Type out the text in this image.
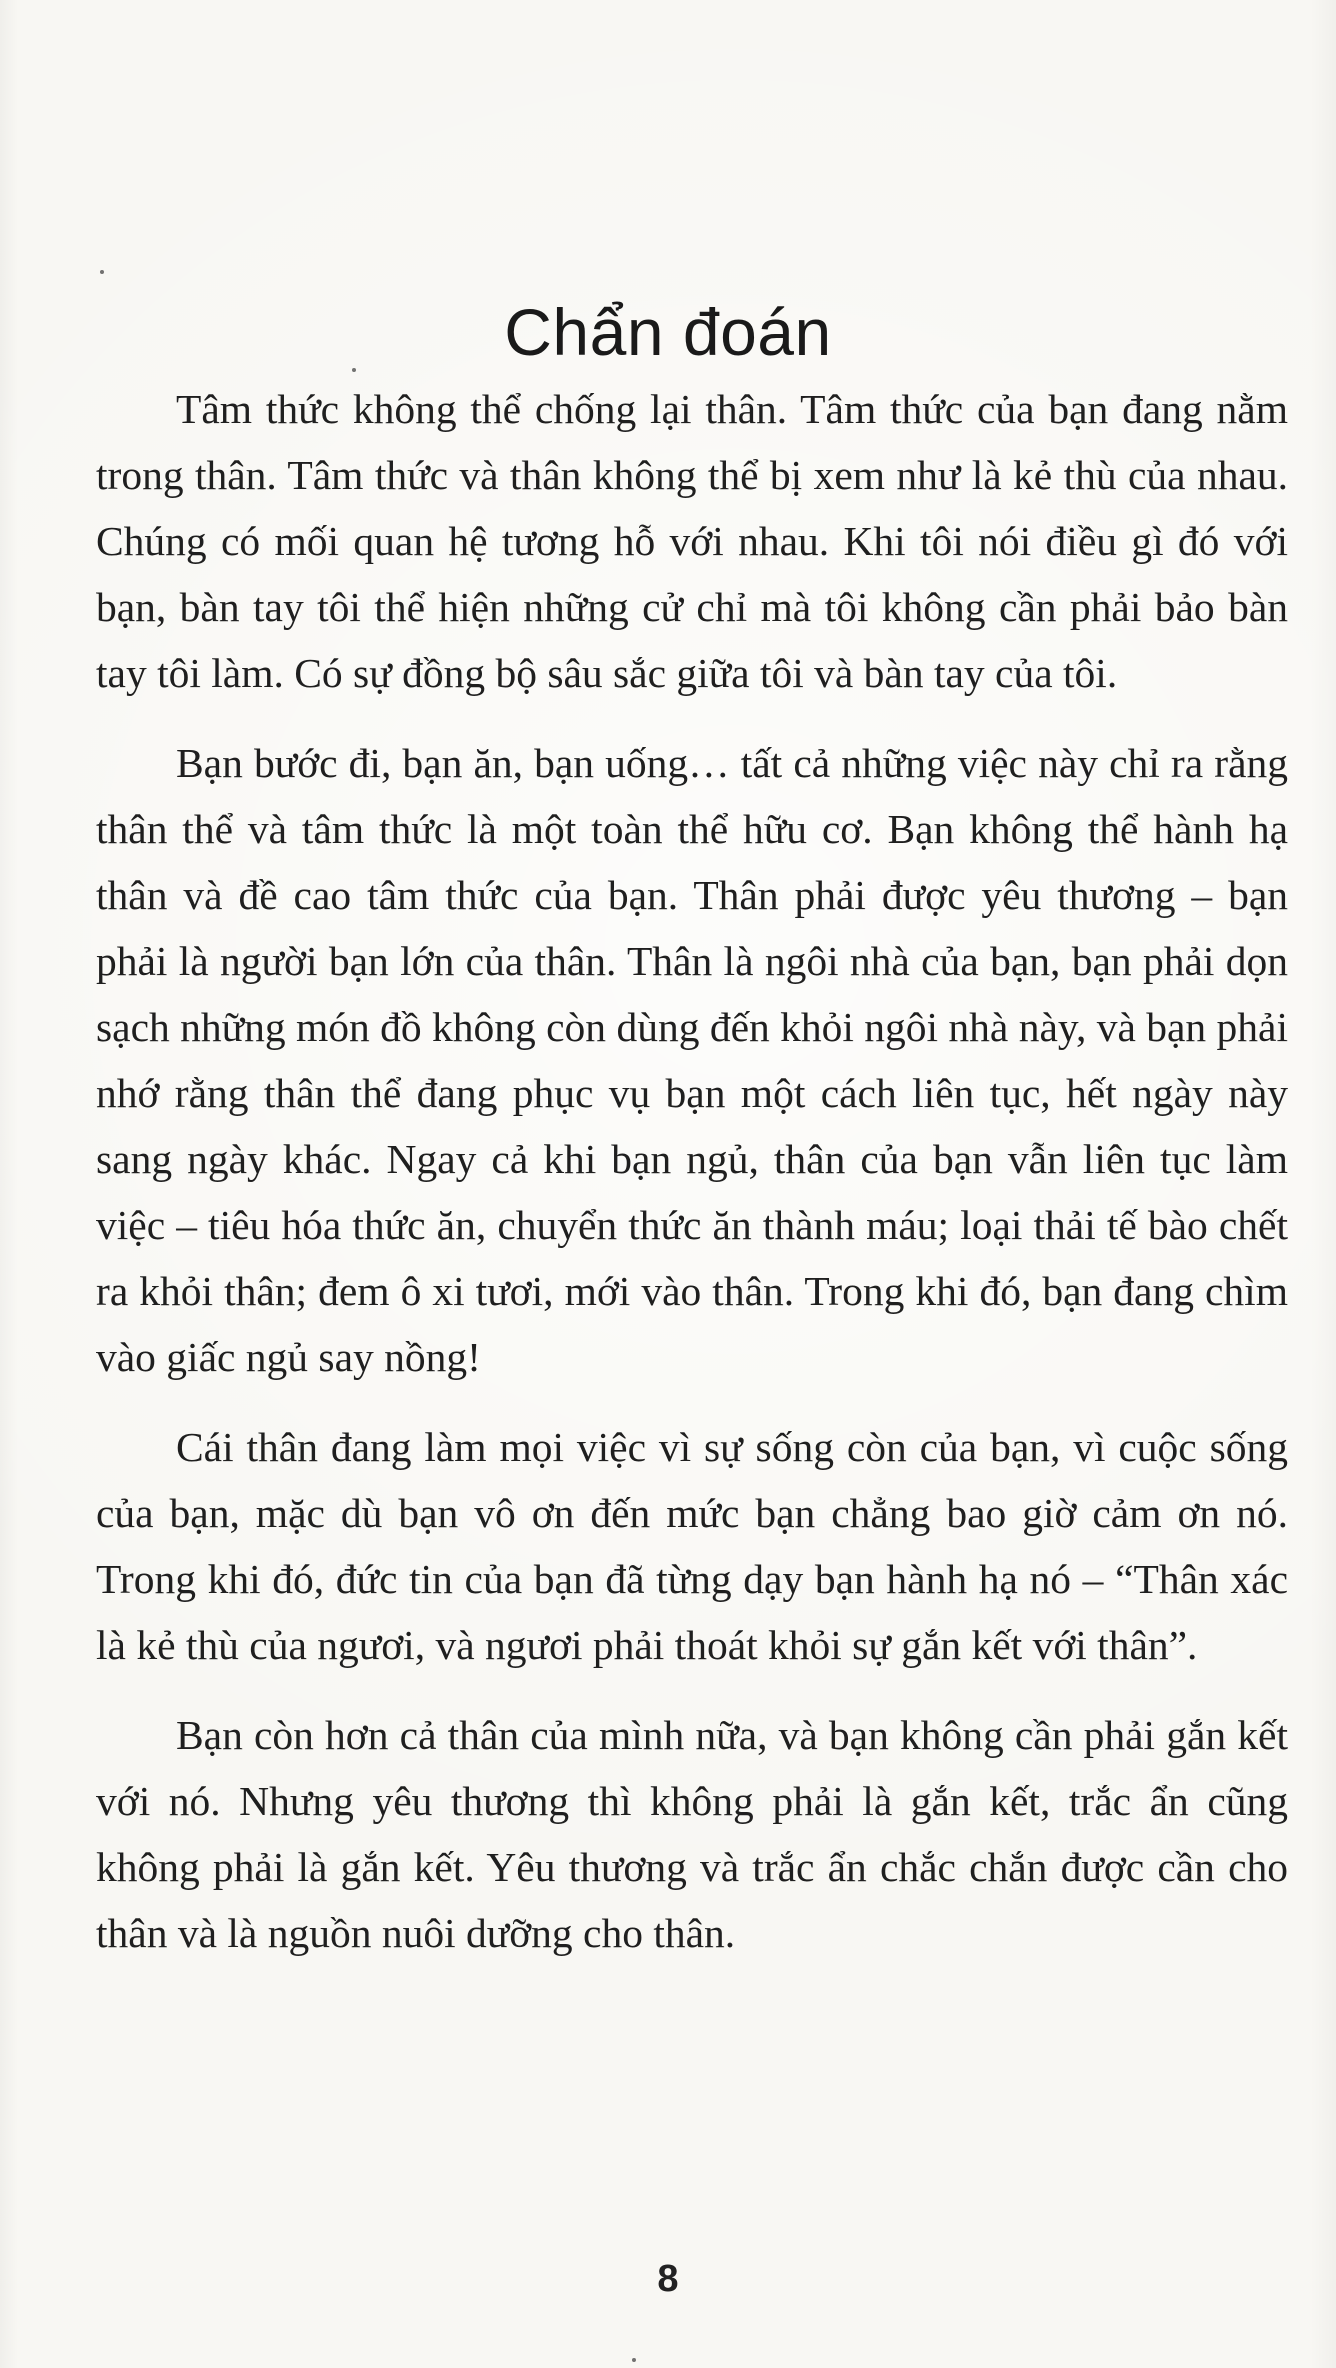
Chẩn đoán

Tâm thức không thể chống lại thân. Tâm thức của bạn đang nằm trong thân. Tâm thức và thân không thể bị xem như là kẻ thù của nhau. Chúng có mối quan hệ tương hỗ với nhau. Khi tôi nói điều gì đó với bạn, bàn tay tôi thể hiện những cử chỉ mà tôi không cần phải bảo bàn tay tôi làm. Có sự đồng bộ sâu sắc giữa tôi và bàn tay của tôi.

Bạn bước đi, bạn ăn, bạn uống… tất cả những việc này chỉ ra rằng thân thể và tâm thức là một toàn thể hữu cơ. Bạn không thể hành hạ thân và đề cao tâm thức của bạn. Thân phải được yêu thương – bạn phải là người bạn lớn của thân. Thân là ngôi nhà của bạn, bạn phải dọn sạch những món đồ không còn dùng đến khỏi ngôi nhà này, và bạn phải nhớ rằng thân thể đang phục vụ bạn một cách liên tục, hết ngày này sang ngày khác. Ngay cả khi bạn ngủ, thân của bạn vẫn liên tục làm việc – tiêu hóa thức ăn, chuyển thức ăn thành máu; loại thải tế bào chết ra khỏi thân; đem ô xi tươi, mới vào thân. Trong khi đó, bạn đang chìm vào giấc ngủ say nồng!

Cái thân đang làm mọi việc vì sự sống còn của bạn, vì cuộc sống của bạn, mặc dù bạn vô ơn đến mức bạn chẳng bao giờ cảm ơn nó. Trong khi đó, đức tin của bạn đã từng dạy bạn hành hạ nó – “Thân xác là kẻ thù của ngươi, và ngươi phải thoát khỏi sự gắn kết với thân”.

Bạn còn hơn cả thân của mình nữa, và bạn không cần phải gắn kết với nó. Nhưng yêu thương thì không phải là gắn kết, trắc ẩn cũng không phải là gắn kết. Yêu thương và trắc ẩn chắc chắn được cần cho thân và là nguồn nuôi dưỡng cho thân.

8
